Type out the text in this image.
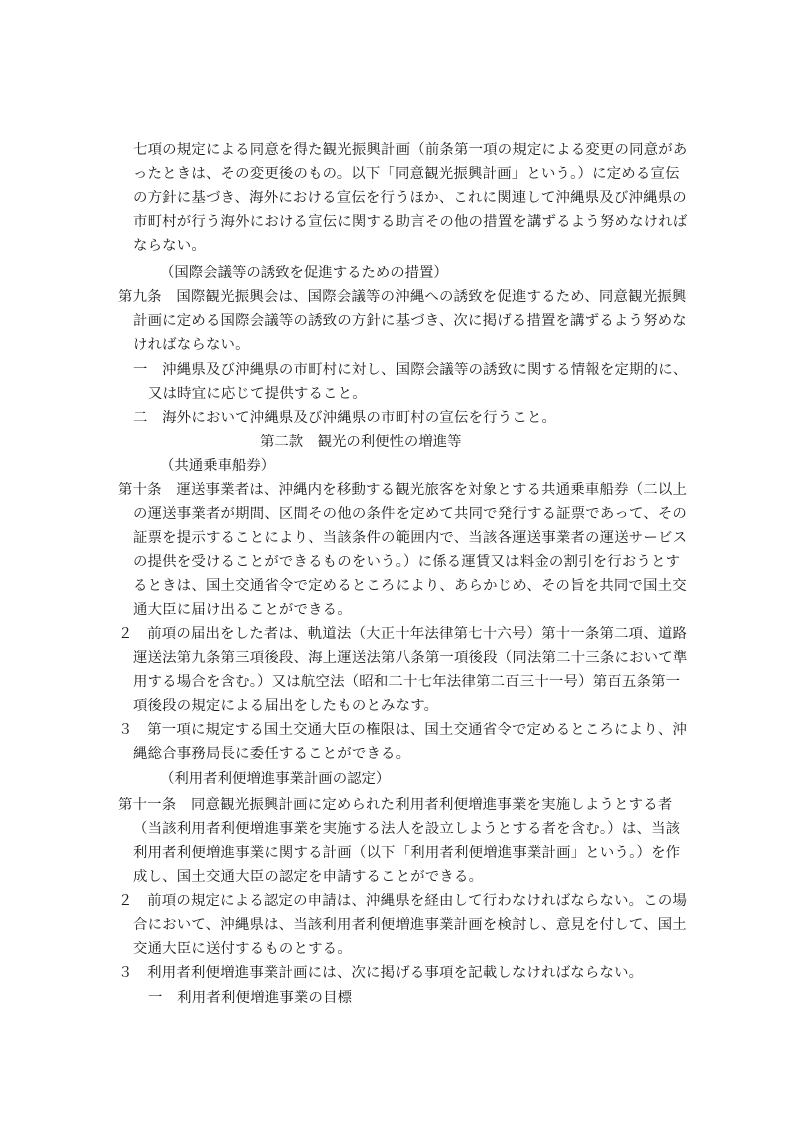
七項の規定による同意を得た観光振興計画（前条第一項の規定による変更の同意があ
ったときは、その変更後のもの。以下「同意観光振興計画」という。）に定める宣伝
の方針に基づき、海外における宣伝を行うほか、これに関連して沖縄県及び沖縄県の
市町村が行う海外における宣伝に関する助言その他の措置を講ずるよう努めなければ
ならない。
（国際会議等の誘致を促進するための措置）
第九条　国際観光振興会は、国際会議等の沖縄への誘致を促進するため、同意観光振興
計画に定める国際会議等の誘致の方針に基づき、次に掲げる措置を講ずるよう努めな
ければならない。
一　沖縄県及び沖縄県の市町村に対し、国際会議等の誘致に関する情報を定期的に、
又は時宜に応じて提供すること。
二　海外において沖縄県及び沖縄県の市町村の宣伝を行うこと。
第二款　観光の利便性の増進等
（共通乗車船券）
第十条　運送事業者は、沖縄内を移動する観光旅客を対象とする共通乗車船券（二以上
の運送事業者が期間、区間その他の条件を定めて共同で発行する証票であって、その
証票を提示することにより、当該条件の範囲内で、当該各運送事業者の運送サービス
の提供を受けることができるものをいう。）に係る運賃又は料金の割引を行おうとす
るときは、国土交通省令で定めるところにより、あらかじめ、その旨を共同で国土交
通大臣に届け出ることができる。
２　前項の届出をした者は、軌道法（大正十年法律第七十六号）第十一条第二項、道路
運送法第九条第三項後段、海上運送法第八条第一項後段（同法第二十三条において準
用する場合を含む。）又は航空法（昭和二十七年法律第二百三十一号）第百五条第一
項後段の規定による届出をしたものとみなす。
３　第一項に規定する国土交通大臣の権限は、国土交通省令で定めるところにより、沖
縄総合事務局長に委任することができる。
（利用者利便増進事業計画の認定）
第十一条　同意観光振興計画に定められた利用者利便増進事業を実施しようとする者
（当該利用者利便増進事業を実施する法人を設立しようとする者を含む。）は、当該
利用者利便増進事業に関する計画（以下「利用者利便増進事業計画」という。）を作
成し、国土交通大臣の認定を申請することができる。
２　前項の規定による認定の申請は、沖縄県を経由して行わなければならない。この場
合において、沖縄県は、当該利用者利便増進事業計画を検討し、意見を付して、国土
交通大臣に送付するものとする。
３　利用者利便増進事業計画には、次に掲げる事項を記載しなければならない。
一　利用者利便増進事業の目標
